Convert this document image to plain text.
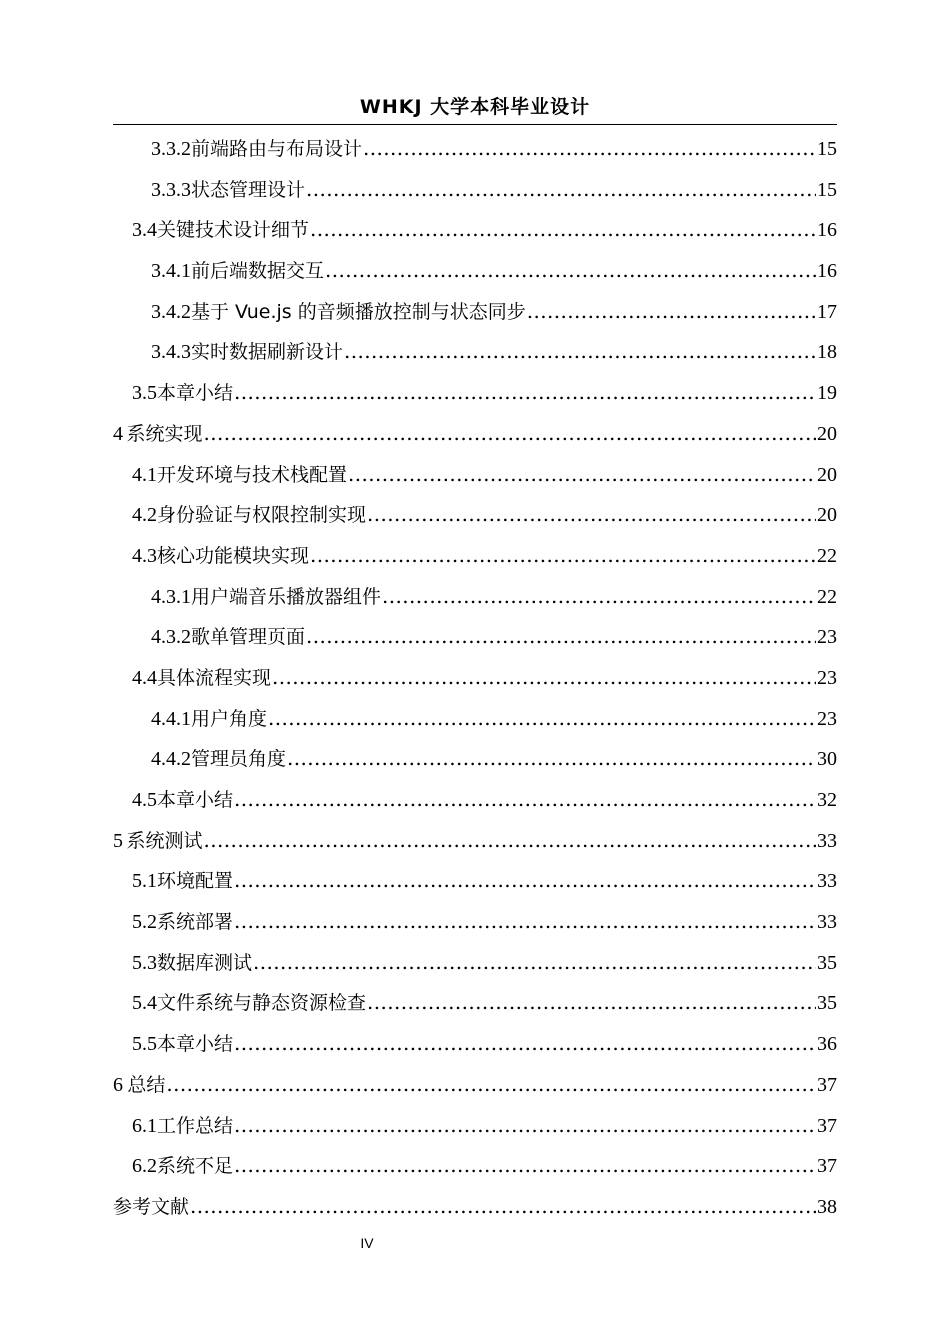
WHKJ 大学本科毕业设计
3.3.2 前端路由与布局设计 .....	15
3.3.3 状态管理设计 .....	15
3.4 关键技术设计细节 .....	16
3.4.1 前后端数据交互 .....	16
3.4.2 基于 Vue.js 的音频播放控制与状态同步 .....	17
3.4.3 实时数据刷新设计 .....	18
3.5 本章小结 .....	19
4 系统实现 .....	20
4.1 开发环境与技术栈配置 .....	20
4.2 身份验证与权限控制实现 .....	20
4.3 核心功能模块实现 .....	22
4.3.1 用户端音乐播放器组件 .....	22
4.3.2 歌单管理页面 .....	23
4.4 具体流程实现 .....	23
4.4.1 用户角度 .....	23
4.4.2 管理员角度 .....	30
4.5 本章小结 .....	32
5 系统测试 .....	33
5.1 环境配置 .....	33
5.2 系统部署 .....	33
5.3 数据库测试 .....	35
5.4 文件系统与静态资源检查 .....	35
5.5 本章小结 .....	36
6 总结 .....	37
6.1 工作总结 .....	37
6.2 系统不足 .....	37
参考文献 .....	38
IV
